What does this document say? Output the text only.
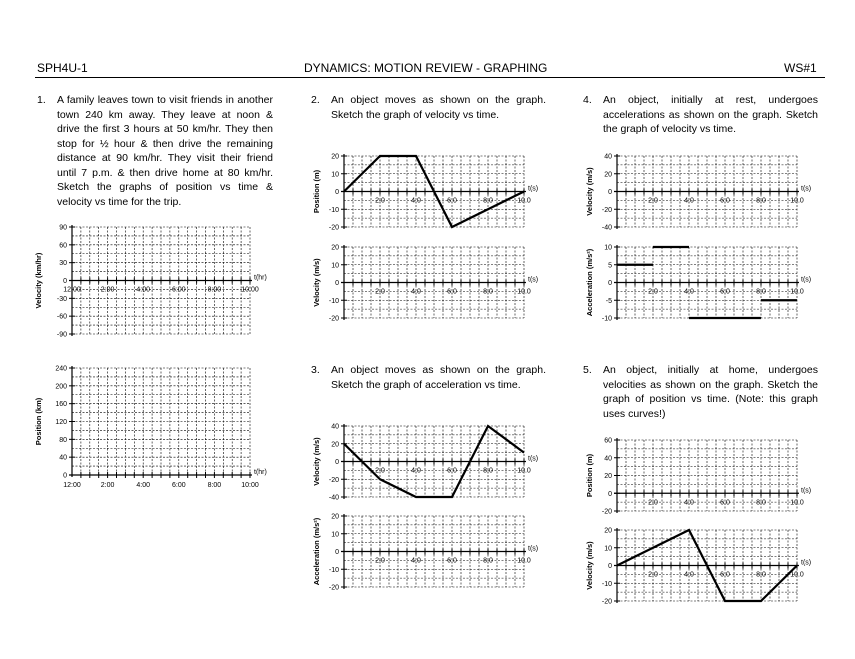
SPH4U-1	DYNAMICS: MOTION REVIEW - GRAPHING	WS#1
1. A family leaves town to visit friends in another town 240 km away. They leave at noon & drive the first 3 hours at 50 km/hr. They then stop for ½ hour & then drive the remaining distance at 90 km/hr. They visit their friend until 7 p.m. & then drive home at 80 km/hr. Sketch the graphs of position vs time & velocity vs time for the trip.
2. An object moves as shown on the graph. Sketch the graph of velocity vs time.
3. An object moves as shown on the graph. Sketch the graph of acceleration vs time.
4. An object, initially at rest, undergoes accelerations as shown on the graph. Sketch the graph of velocity vs time.
5. An object, initially at home, undergoes velocities as shown on the graph. Sketch the graph of position vs time. (Note: this graph uses curves!)
-90
-60
-30
0
30
60
90
12:00	2:00	4:00	6:00	8:00	10:00
t(hr)
Velocity (km/hr)
0
40
80
120
160
200
240
12:00	2:00	4:00	6:00	8:00	10:00
t(hr)
Position (km)
-20
-10
0
10
20
2.0	4.0	6.0	8.0	10.0
t(s)
Position (m)
-20
-10
0
10
20
2.0	4.0	6.0	8.0	10.0
t(s)
Velocity (m/s)
-40
-20
0
20
40
2.0	4.0	6.0	8.0	10.0
t(s)
Velocity (m/s)
-20
-10
0
10
20
2.0	4.0	6.0	8.0	10.0
t(s)
Acceleration (m/s²)
-40
-20
0
20
40
2.0	4.0	6.0	8.0	10.0
t(s)
Velocity (m/s)
-10
-5
0
5
10
2.0	4.0	6.0	8.0	10.0
t(s)
Acceleration (m/s²)
-20
0
20
40
60
2.0	4.0	6.0	8.0	10.0
t(s)
Position (m)
-20
-10
0
10
20
2.0	4.0	6.0	8.0	10.0
t(s)
Velocity (m/s)
